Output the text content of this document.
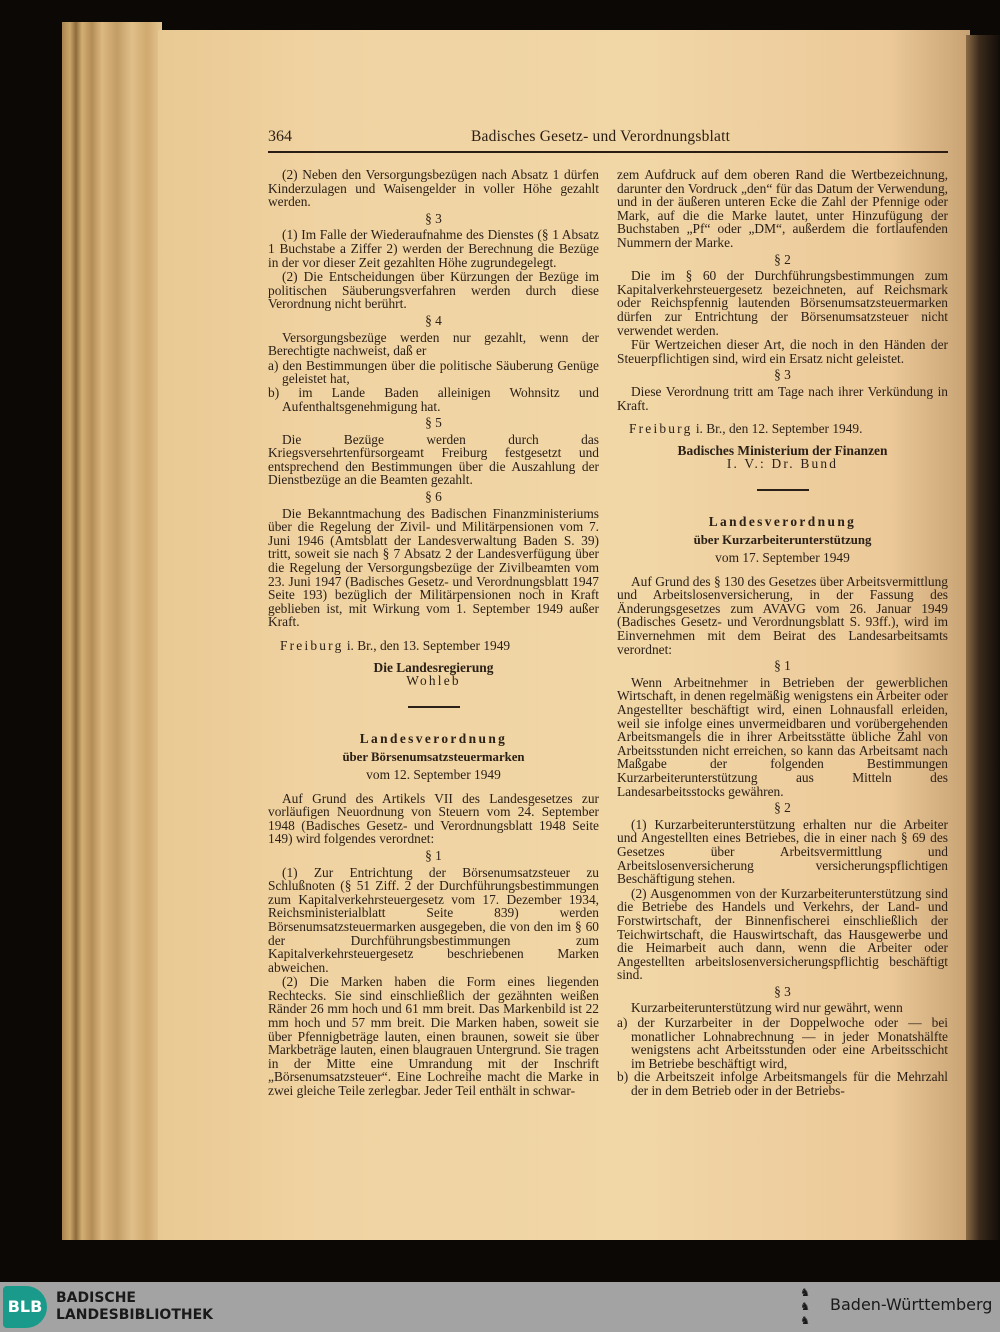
364	Badisches Gesetz- und Verordnungsblatt
(2) Neben den Versorgungsbezügen nach Absatz 1 dürfen Kinderzulagen und Waisengelder in voller Höhe gezahlt werden.
§ 3
(1) Im Falle der Wiederaufnahme des Dienstes (§ 1 Absatz 1 Buchstabe a Ziffer 2) werden der Berechnung die Bezüge in der vor dieser Zeit gezahlten Höhe zugrundegelegt.
(2) Die Entscheidungen über Kürzungen der Bezüge im politischen Säuberungsverfahren werden durch diese Verordnung nicht berührt.
§ 4
Versorgungsbezüge werden nur gezahlt, wenn der Berechtigte nachweist, daß er
a) den Bestimmungen über die politische Säuberung Genüge geleistet hat,
b) im Lande Baden alleinigen Wohnsitz und Aufenthaltsgenehmigung hat.
§ 5
Die Bezüge werden durch das Kriegsversehrtenfürsorgeamt Freiburg festgesetzt und entsprechend den Bestimmungen über die Auszahlung der Dienstbezüge an die Beamten gezahlt.
§ 6
Die Bekanntmachung des Badischen Finanzministeriums über die Regelung der Zivil- und Militärpensionen vom 7. Juni 1946 (Amtsblatt der Landesverwaltung Baden S. 39) tritt, soweit sie nach § 7 Absatz 2 der Landesverfügung über die Regelung der Versorgungsbezüge der Zivilbeamten vom 23. Juni 1947 (Badisches Gesetz- und Verordnungsblatt 1947 Seite 193) bezüglich der Militärpensionen noch in Kraft geblieben ist, mit Wirkung vom 1. September 1949 außer Kraft.
Freiburg i. Br., den 13. September 1949
Die Landesregierung
Wohleb
Landesverordnung
über Börsenumsatzsteuermarken
vom 12. September 1949
Auf Grund des Artikels VII des Landesgesetzes zur vorläufigen Neuordnung von Steuern vom 24. September 1948 (Badisches Gesetz- und Verordnungsblatt 1948 Seite 149) wird folgendes verordnet:
§ 1
(1) Zur Entrichtung der Börsenumsatzsteuer zu Schlußnoten (§ 51 Ziff. 2 der Durchführungsbestimmungen zum Kapitalverkehrsteuergesetz vom 17. Dezember 1934, Reichsministerialblatt Seite 839) werden Börsenumsatzsteuermarken ausgegeben, die von den im § 60 der Durchführungsbestimmungen zum Kapitalverkehrsteuergesetz beschriebenen Marken abweichen.
(2) Die Marken haben die Form eines liegenden Rechtecks. Sie sind einschließlich der gezähnten weißen Ränder 26 mm hoch und 61 mm breit. Das Markenbild ist 22 mm hoch und 57 mm breit. Die Marken haben, soweit sie über Pfennigbeträge lauten, einen braunen, soweit sie über Markbeträge lauten, einen blaugrauen Untergrund. Sie tragen in der Mitte eine Umrandung mit der Inschrift „Börsenumsatzsteuer“. Eine Lochreihe macht die Marke in zwei gleiche Teile zerlegbar. Jeder Teil enthält in schwar-
zem Aufdruck auf dem oberen Rand die Wertbezeichnung, darunter den Vordruck „den“ für das Datum der Verwendung, und in der äußeren unteren Ecke die Zahl der Pfennige oder Mark, auf die die Marke lautet, unter Hinzufügung der Buchstaben „Pf“ oder „DM“, außerdem die fortlaufenden Nummern der Marke.
§ 2
Die im § 60 der Durchführungsbestimmungen zum Kapitalverkehrsteuergesetz bezeichneten, auf Reichsmark oder Reichspfennig lautenden Börsenumsatzsteuermarken dürfen zur Entrichtung der Börsenumsatzsteuer nicht verwendet werden.
Für Wertzeichen dieser Art, die noch in den Händen der Steuerpflichtigen sind, wird ein Ersatz nicht geleistet.
§ 3
Diese Verordnung tritt am Tage nach ihrer Verkündung in Kraft.
Freiburg i. Br., den 12. September 1949.
Badisches Ministerium der Finanzen
I. V.: Dr. Bund
Landesverordnung
über Kurzarbeiterunterstützung
vom 17. September 1949
Auf Grund des § 130 des Gesetzes über Arbeitsvermittlung und Arbeitslosenversicherung, in der Fassung des Änderungsgesetzes zum AVAVG vom 26. Januar 1949 (Badisches Gesetz- und Verordnungsblatt S. 93ff.), wird im Einvernehmen mit dem Beirat des Landesarbeitsamts verordnet:
§ 1
Wenn Arbeitnehmer in Betrieben der gewerblichen Wirtschaft, in denen regelmäßig wenigstens ein Arbeiter oder Angestellter beschäftigt wird, einen Lohnausfall erleiden, weil sie infolge eines unvermeidbaren und vorübergehenden Arbeitsmangels die in ihrer Arbeitsstätte übliche Zahl von Arbeitsstunden nicht erreichen, so kann das Arbeitsamt nach Maßgabe der folgenden Bestimmungen Kurzarbeiterunterstützung aus Mitteln des Landesarbeitsstocks gewähren.
§ 2
(1) Kurzarbeiterunterstützung erhalten nur die Arbeiter und Angestellten eines Betriebes, die in einer nach § 69 des Gesetzes über Arbeitsvermittlung und Arbeitslosenversicherung versicherungspflichtigen Beschäftigung stehen.
(2) Ausgenommen von der Kurzarbeiterunterstützung sind die Betriebe des Handels und Verkehrs, der Land- und Forstwirtschaft, der Binnenfischerei einschließlich der Teichwirtschaft, die Hauswirtschaft, das Hausgewerbe und die Heimarbeit auch dann, wenn die Arbeiter oder Angestellten arbeitslosenversicherungspflichtig beschäftigt sind.
§ 3
Kurzarbeiterunterstützung wird nur gewährt, wenn
a) der Kurzarbeiter in der Doppelwoche oder — bei monatlicher Lohnabrechnung — in jeder Monatshälfte wenigstens acht Arbeitsstunden oder eine Arbeitsschicht im Betriebe beschäftigt wird,
b) die Arbeitszeit infolge Arbeitsmangels für die Mehrzahl der in dem Betrieb oder in der Betriebs-
BLB BADISCHE
LANDESBIBLIOTHEK
♞
♞
♞
Baden-Württemberg
